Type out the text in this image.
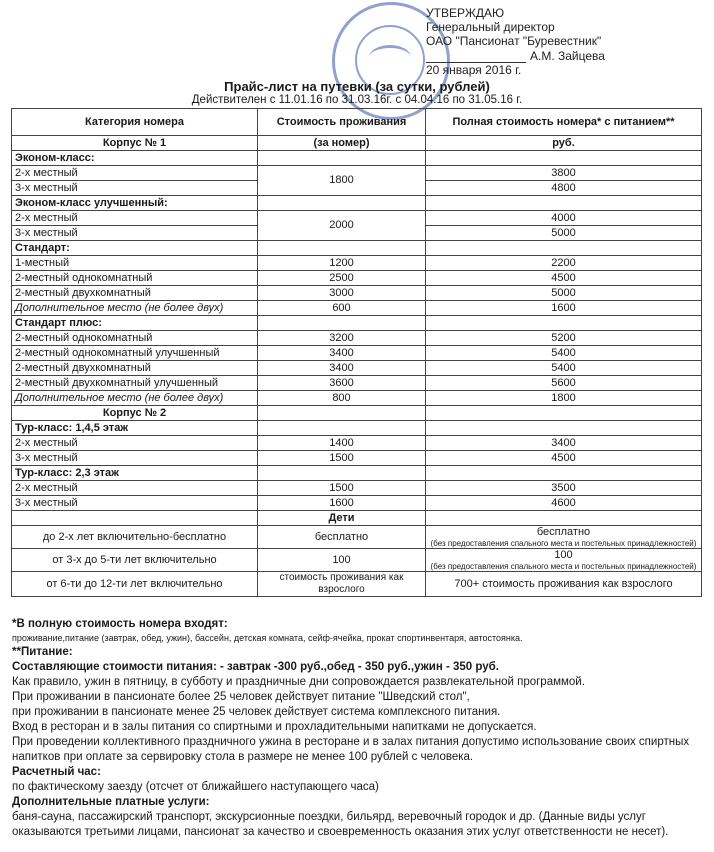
УТВЕРЖДАЮ
Генеральный директор
ОАО "Пансионат "Буревестник"
А.М. Зайцева
20 января 2016 г.
Прайс-лист на путевки (за сутки, рублей)
Действителен с 11.01.16 по 31.03.16г. с 04.04.16 по 31.05.16 г.
Категория номера	Стоимость проживания	Полная стоимость номера* с питанием**
Корпус № 1	(за номер)	руб.
Эконом-класс:		
2-х местный	1800	3800
3-х местный		4800
Эконом-класс улучшенный:		
2-х местный	2000	4000
3-х местный		5000
Стандарт:		
1-местный	1200	2200
2-местный однокомнатный	2500	4500
2-местный двухкомнатный	3000	5000
Дополнительное место (не более двух)	600	1600
Стандарт плюс:		
2-местный однокомнатный	3200	5200
2-местный однокомнатный улучшенный	3400	5400
2-местный двухкомнатный	3400	5400
2-местный двухкомнатный улучшенный	3600	5600
Дополнительное место (не более двух)	800	1800
Корпус № 2		
Тур-класс: 1,4,5 этаж		
2-х местный	1400	3400
3-х местный	1500	4500
Тур-класс: 2,3 этаж		
2-х местный	1500	3500
3-х местный	1600	4600
	Дети	
до 2-х лет включительно-бесплатно	бесплатно	бесплатно
(без предоставления спального места и постельных принадлежностей)

от 3-х до 5-ти лет включительно	100	100
(без предоставления спального места и постельных принадлежностей)

от 6-ти до 12-ти лет включительно	стоимость проживания как взрослого	700+ стоимость проживания как взрослого

*В полную стоимость номера входят:

проживание,питание (завтрак, обед, ужин), бассейн, детская комната, сейф-ячейка, прокат спортинвентаря, автостоянка.

**Питание:

Составляющие стоимости питания: - завтрак -300 руб.,обед - 350 руб.,ужин - 350 руб.

Как правило, ужин в пятницу, в субботу и праздничные дни сопровождается развлекательной программой.

При проживании в пансионате более 25 человек действует питание "Шведский стол",

при проживании в пансионате менее 25 человек действует система комплексного питания.

Вход в ресторан и в залы питания со спиртными и прохладительными напитками не допускается.

При проведении коллективного праздничного ужина в ресторане и в залах питания допустимо использование своих спиртных напитков при оплате за сервировку стола в размере не менее 100 рублей с человека.

Расчетный час:

по фактическому заезду (отсчет от ближайшего наступающего часа)

Дополнительные платные услуги:

баня-сауна, пассажирский транспорт, экскурсионные поездки, бильярд, веревочный городок и др. (Данные виды услуг оказываются третьими лицами, пансионат за качество и своевременность оказания этих услуг ответственности не несет).
